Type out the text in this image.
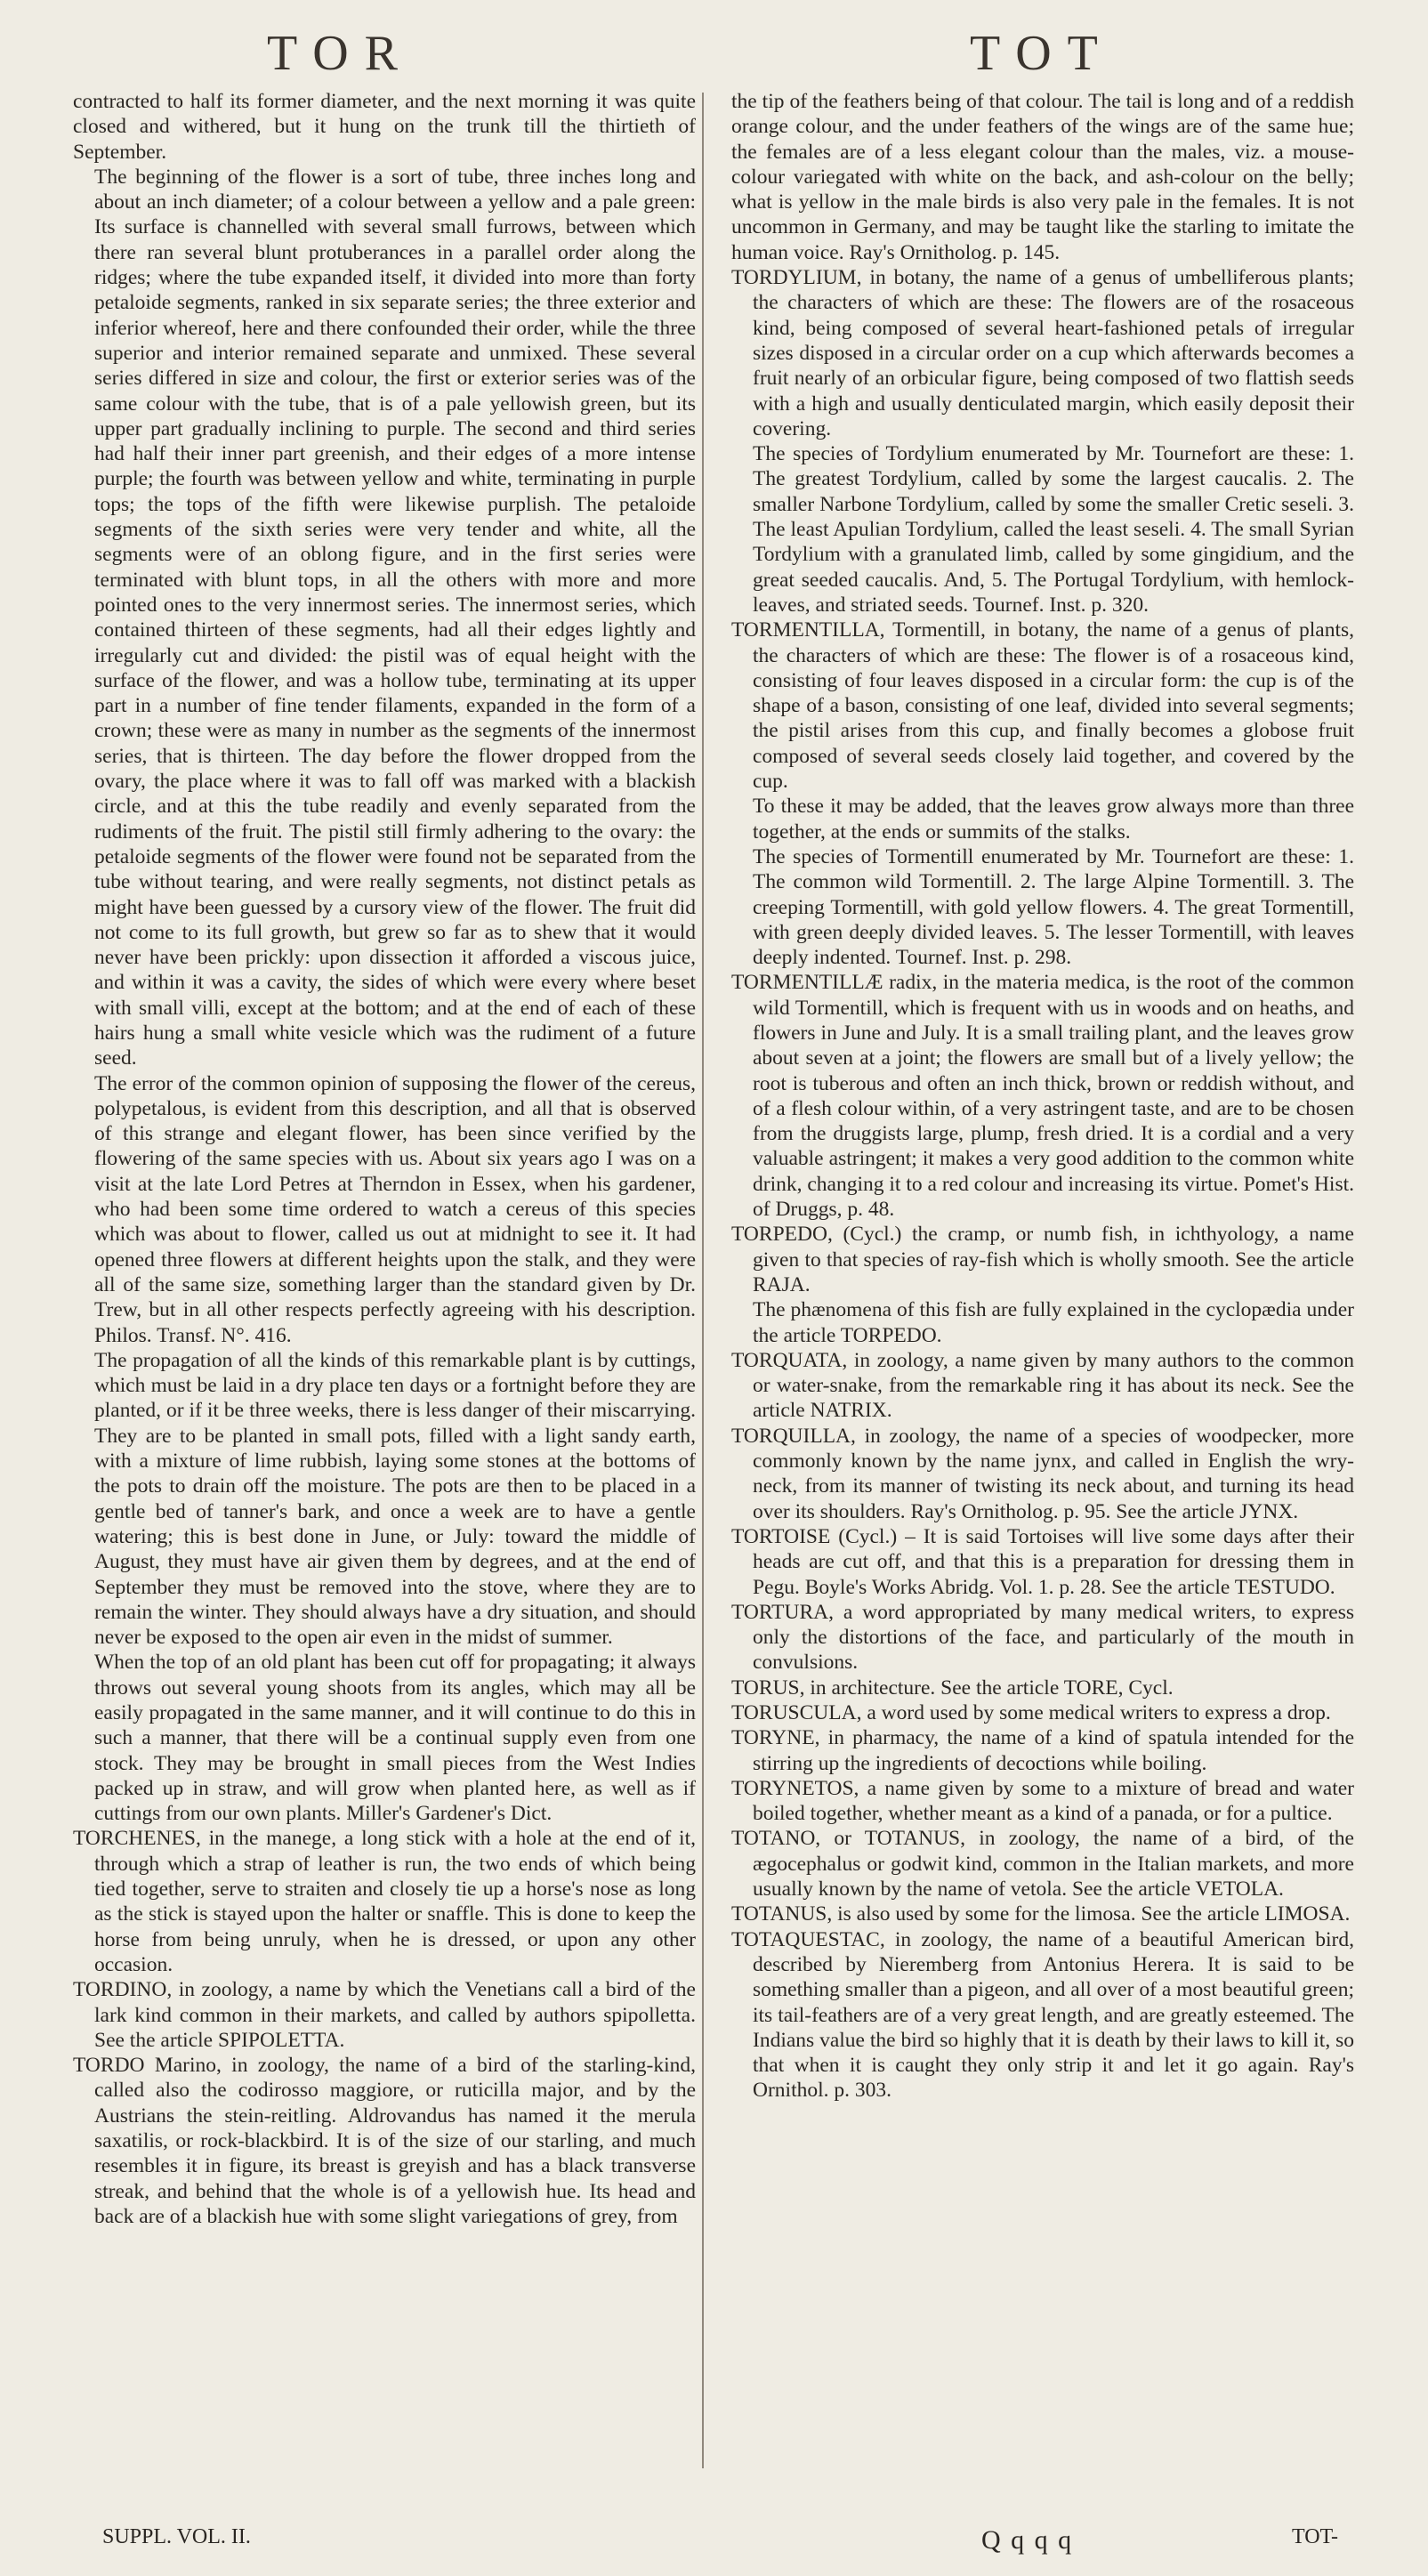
TOR	TOT

contracted to half its former diameter, and the next morning it was quite closed and withered, but it hung on the trunk till the thirtieth of September.

The beginning of the flower is a sort of tube, three inches long and about an inch diameter; of a colour between a yellow and a pale green: Its surface is channelled with several small furrows, between which there ran several blunt protuberances in a parallel order along the ridges; where the tube expanded itself, it divided into more than forty petaloide segments, ranked in six separate series; the three exterior and inferior whereof, here and there confounded their order, while the three superior and interior remained separate and unmixed. These several series differed in size and colour, the first or exterior series was of the same colour with the tube, that is of a pale yellowish green, but its upper part gradually inclining to purple. The second and third series had half their inner part greenish, and their edges of a more intense purple; the fourth was between yellow and white, terminating in purple tops; the tops of the fifth were likewise purplish. The petaloide segments of the sixth series were very tender and white, all the segments were of an oblong figure, and in the first series were terminated with blunt tops, in all the others with more and more pointed ones to the very innermost series. The innermost series, which contained thirteen of these segments, had all their edges lightly and irregularly cut and divided: the pistil was of equal height with the surface of the flower, and was a hollow tube, terminating at its upper part in a number of fine tender filaments, expanded in the form of a crown; these were as many in number as the segments of the innermost series, that is thirteen. The day before the flower dropped from the ovary, the place where it was to fall off was marked with a blackish circle, and at this the tube readily and evenly separated from the rudiments of the fruit. The pistil still firmly adhering to the ovary: the petaloide segments of the flower were found not be separated from the tube without tearing, and were really segments, not distinct petals as might have been guessed by a cursory view of the flower. The fruit did not come to its full growth, but grew so far as to shew that it would never have been prickly: upon dissection it afforded a viscous juice, and within it was a cavity, the sides of which were every where beset with small villi, except at the bottom; and at the end of each of these hairs hung a small white vesicle which was the rudiment of a future seed.

The error of the common opinion of supposing the flower of the cereus, polypetalous, is evident from this description, and all that is observed of this strange and elegant flower, has been since verified by the flowering of the same species with us. About six years ago I was on a visit at the late Lord Petres at Therndon in Essex, when his gardener, who had been some time ordered to watch a cereus of this species which was about to flower, called us out at midnight to see it. It had opened three flowers at different heights upon the stalk, and they were all of the same size, something larger than the standard given by Dr. Trew, but in all other respects perfectly agreeing with his description. Philos. Transf. N°. 416.

The propagation of all the kinds of this remarkable plant is by cuttings, which must be laid in a dry place ten days or a fortnight before they are planted, or if it be three weeks, there is less danger of their miscarrying. They are to be planted in small pots, filled with a light sandy earth, with a mixture of lime rubbish, laying some stones at the bottoms of the pots to drain off the moisture. The pots are then to be placed in a gentle bed of tanner's bark, and once a week are to have a gentle watering; this is best done in June, or July: toward the middle of August, they must have air given them by degrees, and at the end of September they must be removed into the stove, where they are to remain the winter. They should always have a dry situation, and should never be exposed to the open air even in the midst of summer.

When the top of an old plant has been cut off for propagating; it always throws out several young shoots from its angles, which may all be easily propagated in the same manner, and it will continue to do this in such a manner, that there will be a continual supply even from one stock. They may be brought in small pieces from the West Indies packed up in straw, and will grow when planted here, as well as if cuttings from our own plants. Miller's Gardener's Dict.

TORCHENES, in the manege, a long stick with a hole at the end of it, through which a strap of leather is run, the two ends of which being tied together, serve to straiten and closely tie up a horse's nose as long as the stick is stayed upon the halter or snaffle. This is done to keep the horse from being unruly, when he is dressed, or upon any other occasion.

TORDINO, in zoology, a name by which the Venetians call a bird of the lark kind common in their markets, and called by authors spipolletta. See the article SPIPOLETTA.

TORDO Marino, in zoology, the name of a bird of the starling-kind, called also the codirosso maggiore, or ruticilla major, and by the Austrians the stein-reitling. Aldrovandus has named it the merula saxatilis, or rock-blackbird. It is of the size of our starling, and much resembles it in figure, its breast is greyish and has a black transverse streak, and behind that the whole is of a yellowish hue. Its head and back are of a blackish hue with some slight variegations of grey, from

the tip of the feathers being of that colour. The tail is long and of a reddish orange colour, and the under feathers of the wings are of the same hue; the females are of a less elegant colour than the males, viz. a mouse-colour variegated with white on the back, and ash-colour on the belly; what is yellow in the male birds is also very pale in the females. It is not uncommon in Germany, and may be taught like the starling to imitate the human voice. Ray's Ornitholog. p. 145.

TORDYLIUM, in botany, the name of a genus of umbelliferous plants; the characters of which are these: The flowers are of the rosaceous kind, being composed of several heart-fashioned petals of irregular sizes disposed in a circular order on a cup which afterwards becomes a fruit nearly of an orbicular figure, being composed of two flattish seeds with a high and usually denticulated margin, which easily deposit their covering.

The species of Tordylium enumerated by Mr. Tournefort are these: 1. The greatest Tordylium, called by some the largest caucalis. 2. The smaller Narbone Tordylium, called by some the smaller Cretic seseli. 3. The least Apulian Tordylium, called the least seseli. 4. The small Syrian Tordylium with a granulated limb, called by some gingidium, and the great seeded caucalis. And, 5. The Portugal Tordylium, with hemlock-leaves, and striated seeds. Tournef. Inst. p. 320.

TORMENTILLA, Tormentill, in botany, the name of a genus of plants, the characters of which are these: The flower is of a rosaceous kind, consisting of four leaves disposed in a circular form: the cup is of the shape of a bason, consisting of one leaf, divided into several segments; the pistil arises from this cup, and finally becomes a globose fruit composed of several seeds closely laid together, and covered by the cup.

To these it may be added, that the leaves grow always more than three together, at the ends or summits of the stalks.

The species of Tormentill enumerated by Mr. Tournefort are these: 1. The common wild Tormentill. 2. The large Alpine Tormentill. 3. The creeping Tormentill, with gold yellow flowers. 4. The great Tormentill, with green deeply divided leaves. 5. The lesser Tormentill, with leaves deeply indented. Tournef. Inst. p. 298.

TORMENTILLÆ radix, in the materia medica, is the root of the common wild Tormentill, which is frequent with us in woods and on heaths, and flowers in June and July. It is a small trailing plant, and the leaves grow about seven at a joint; the flowers are small but of a lively yellow; the root is tuberous and often an inch thick, brown or reddish without, and of a flesh colour within, of a very astringent taste, and are to be chosen from the druggists large, plump, fresh dried. It is a cordial and a very valuable astringent; it makes a very good addition to the common white drink, changing it to a red colour and increasing its virtue. Pomet's Hist. of Druggs, p. 48.

TORPEDO, (Cycl.) the cramp, or numb fish, in ichthyology, a name given to that species of ray-fish which is wholly smooth. See the article RAJA.

The phænomena of this fish are fully explained in the cyclopædia under the article TORPEDO.

TORQUATA, in zoology, a name given by many authors to the common or water-snake, from the remarkable ring it has about its neck. See the article NATRIX.

TORQUILLA, in zoology, the name of a species of woodpecker, more commonly known by the name jynx, and called in English the wry-neck, from its manner of twisting its neck about, and turning its head over its shoulders. Ray's Ornitholog. p. 95. See the article JYNX.

TORTOISE (Cycl.) – It is said Tortoises will live some days after their heads are cut off, and that this is a preparation for dressing them in Pegu. Boyle's Works Abridg. Vol. 1. p. 28. See the article TESTUDO.

TORTURA, a word appropriated by many medical writers, to express only the distortions of the face, and particularly of the mouth in convulsions.

TORUS, in architecture. See the article TORE, Cycl.

TORUSCULA, a word used by some medical writers to express a drop.

TORYNE, in pharmacy, the name of a kind of spatula intended for the stirring up the ingredients of decoctions while boiling.

TORYNETOS, a name given by some to a mixture of bread and water boiled together, whether meant as a kind of a panada, or for a pultice.

TOTANO, or TOTANUS, in zoology, the name of a bird, of the ægocephalus or godwit kind, common in the Italian markets, and more usually known by the name of vetola. See the article VETOLA.

TOTANUS, is also used by some for the limosa. See the article LIMOSA.

TOTAQUESTAC, in zoology, the name of a beautiful American bird, described by Nieremberg from Antonius Herera. It is said to be something smaller than a pigeon, and all over of a most beautiful green; its tail-feathers are of a very great length, and are greatly esteemed. The Indians value the bird so highly that it is death by their laws to kill it, so that when it is caught they only strip it and let it go again. Ray's Ornithol. p. 303.

SUPPL. VOL. II.	Q q q q	TOT-
